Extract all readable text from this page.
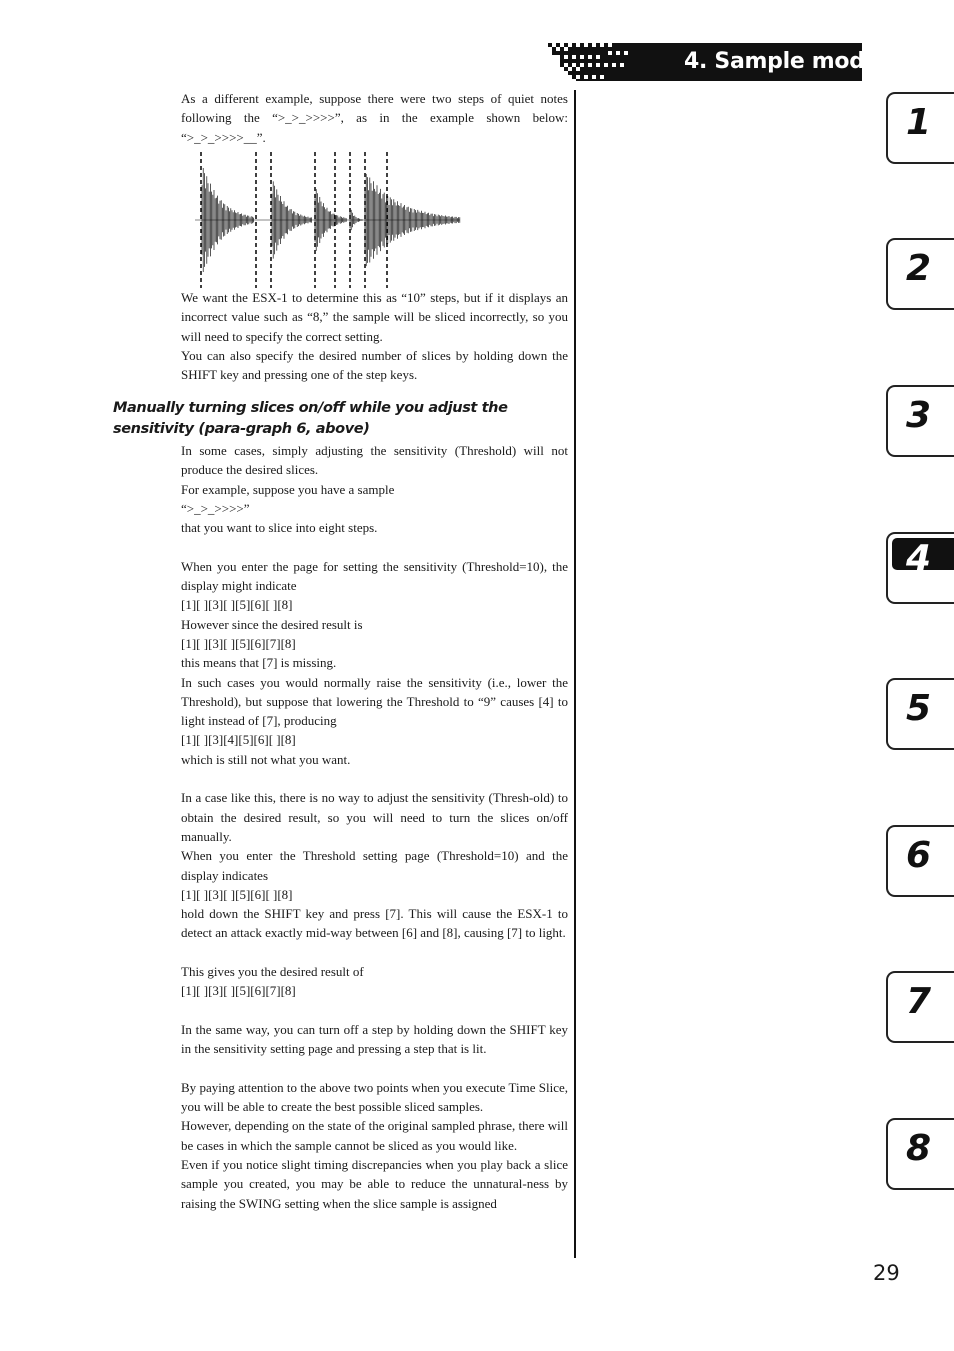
4. Sample mode

As a different example, suppose there were two steps of quiet notes following the “>_>_>>>>”, as in the example shown below: “>_>_>>>>__”.

We want the ESX-1 to determine this as “10” steps, but if it displays an incorrect value such as “8,” the sample will be sliced incorrectly, so you will need to specify the correct setting.

You can also specify the desired number of slices by holding down the SHIFT key and pressing one of the step keys.

Manually turning slices on/off while you adjust the sensitivity (para-graph 6, above)

In some cases, simply adjusting the sensitivity (Threshold) will not produce the desired slices.

For example, suppose you have a sample

“>_>_>>>>”

that you want to slice into eight steps.

When you enter the page for setting the sensitivity (Threshold=10), the display might indicate

[1][ ][3][ ][5][6][ ][8]

However since the desired result is

[1][ ][3][ ][5][6][7][8]

this means that [7] is missing.

In such cases you would normally raise the sensitivity (i.e., lower the Threshold), but suppose that lowering the Threshold to “9” causes [4] to light instead of [7], producing

[1][ ][3][4][5][6][ ][8]

which is still not what you want.

In a case like this, there is no way to adjust the sensitivity (Thresh-old) to obtain the desired result, so you will need to turn the slices on/off manually.

When you enter the Threshold setting page (Threshold=10) and the display indicates

[1][ ][3][ ][5][6][ ][8]

hold down the SHIFT key and press [7]. This will cause the ESX-1 to detect an attack exactly mid-way between [6] and [8], causing [7] to light.

This gives you the desired result of

[1][ ][3][ ][5][6][7][8]

In the same way, you can turn off a step by holding down the SHIFT key in the sensitivity setting page and pressing a step that is lit.

By paying attention to the above two points when you execute Time Slice, you will be able to create the best possible sliced samples.

However, depending on the state of the original sampled phrase, there will be cases in which the sample cannot be sliced as you would like.

Even if you notice slight timing discrepancies when you play back a slice sample you created, you may be able to reduce the unnatural-ness by raising the SWING setting when the slice sample is assigned

1
2
3
4
5
6
7
8
29
